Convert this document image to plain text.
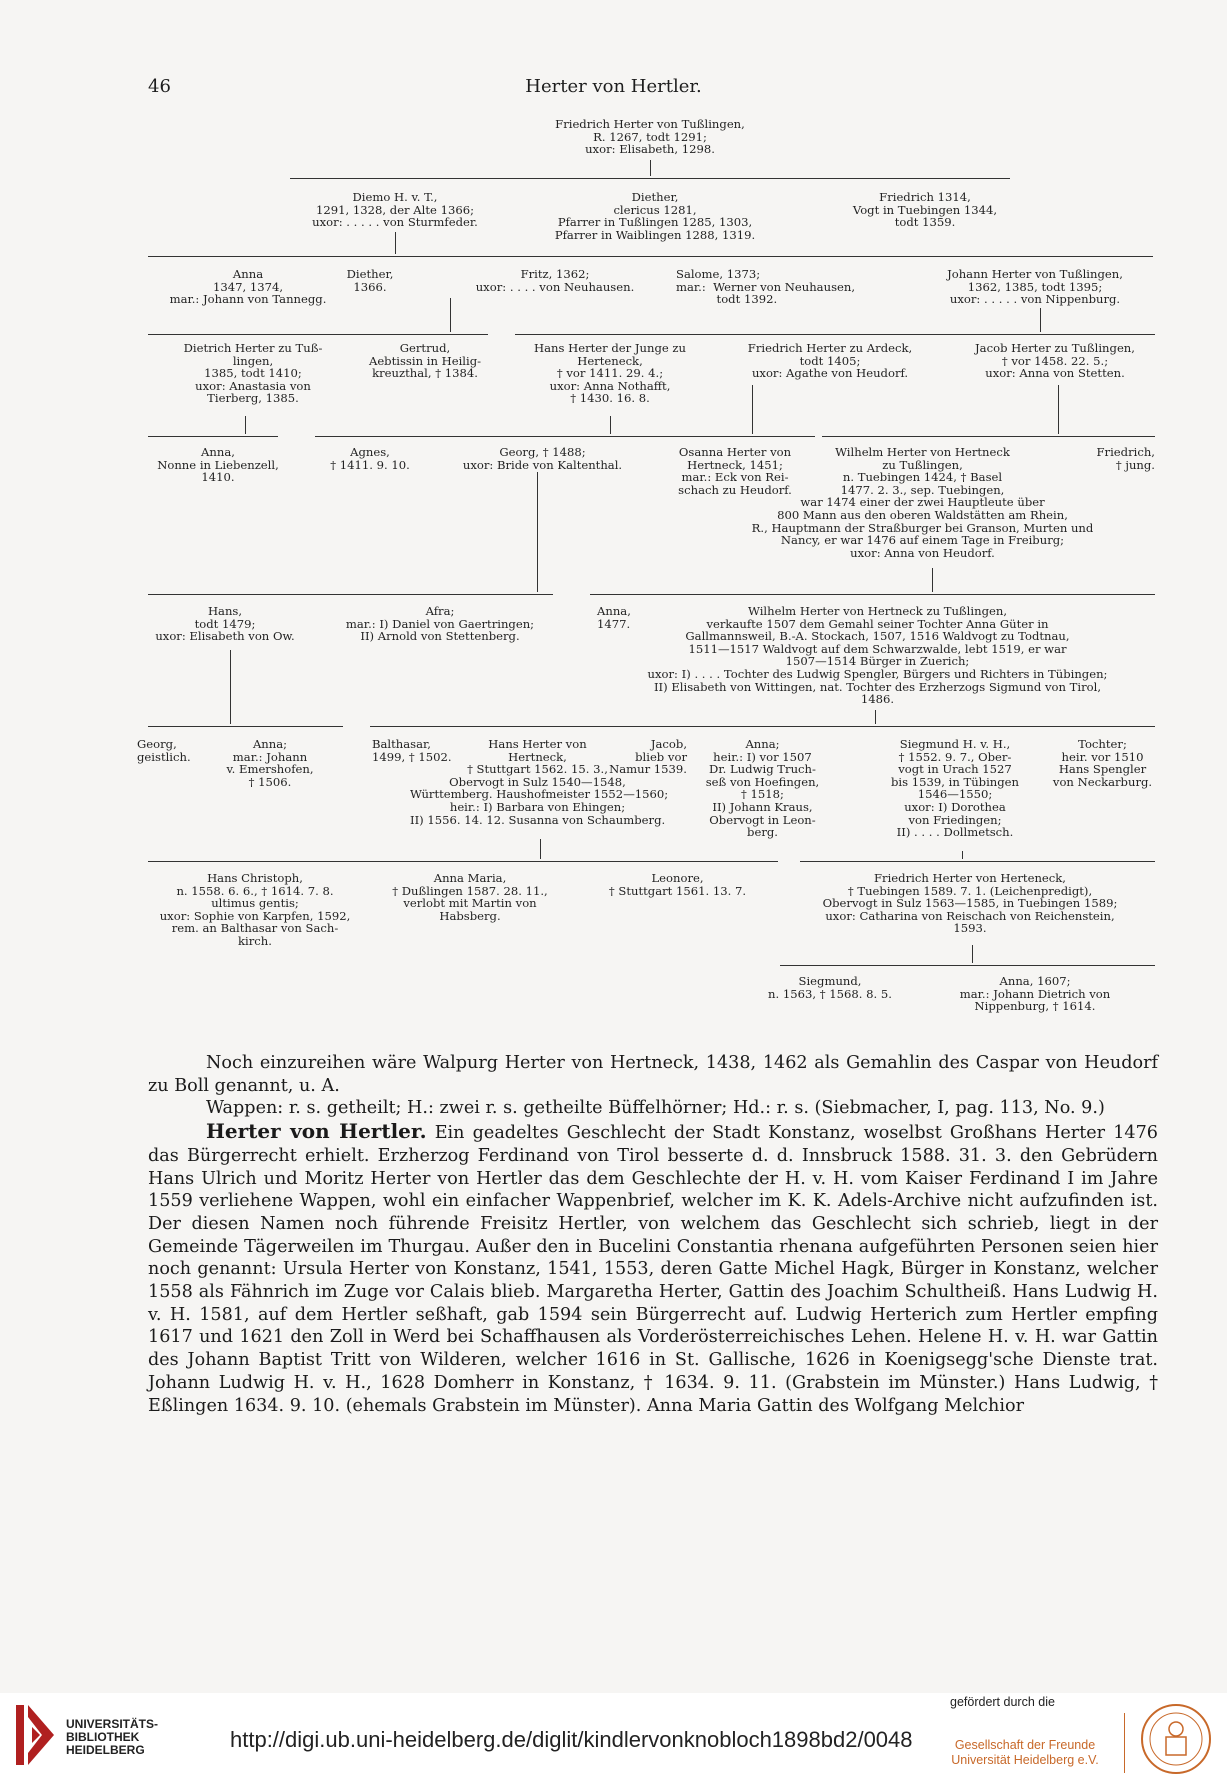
46	Herter von Hertler.
Friedrich Herter von Tußlingen,
R. 1267, todt 1291;
uxor: Elisabeth, 1298.
Diemo H. v. T.,
1291, 1328, der Alte 1366;
uxor: . . . . . von Sturmfeder.
Diether,
clericus 1281,
Pfarrer in Tußlingen 1285, 1303,
Pfarrer in Waiblingen 1288, 1319.
Friedrich 1314,
Vogt in Tuebingen 1344,
todt 1359.
Anna
1347, 1374,
mar.: Johann von Tannegg.
Diether,
1366.
Fritz, 1362;
uxor: . . . . von Neuhausen.
Salome, 1373;
mar.:  Werner von Neuhausen,
todt 1392.
Johann Herter von Tußlingen,
1362, 1385, todt 1395;
uxor: . . . . . von Nippenburg.
Dietrich Herter zu Tuß-
lingen,
1385, todt 1410;
uxor: Anastasia von
Tierberg, 1385.
Gertrud,
Aebtissin in Heilig-
kreuzthal, † 1384.
Hans Herter der Junge zu
Herteneck,
† vor 1411. 29. 4.;
uxor: Anna Nothafft,
† 1430. 16. 8.
Friedrich Herter zu Ardeck,
todt 1405;
uxor: Agathe von Heudorf.
Jacob Herter zu Tußlingen,
† vor 1458. 22. 5.;
uxor: Anna von Stetten.
Anna,
Nonne in Liebenzell,
1410.
Agnes,
† 1411. 9. 10.
Georg, † 1488;
uxor: Bride von Kaltenthal.
Osanna Herter von
Hertneck, 1451;
mar.: Eck von Rei-
schach zu Heudorf.
Wilhelm Herter von Hertneck
zu Tußlingen,
n. Tuebingen 1424, † Basel
1477. 2. 3., sep. Tuebingen,
war 1474 einer der zwei Hauptleute über
800 Mann aus den oberen Waldstätten am Rhein,
R., Hauptmann der Straßburger bei Granson, Murten und
Nancy, er war 1476 auf einem Tage in Freiburg;
uxor: Anna von Heudorf.
Friedrich,
† jung.
Hans,
todt 1479;
uxor: Elisabeth von Ow.
Afra;
mar.: I) Daniel von Gaertringen;
II) Arnold von Stettenberg.
Anna,
1477.
Wilhelm Herter von Hertneck zu Tußlingen,
verkaufte 1507 dem Gemahl seiner Tochter Anna Güter in
Gallmannsweil, B.-A. Stockach, 1507, 1516 Waldvogt zu Todtnau,
1511—1517 Waldvogt auf dem Schwarzwalde, lebt 1519, er war
1507—1514 Bürger in Zuerich;
uxor: I) . . . . Tochter des Ludwig Spengler, Bürgers und Richters in Tübingen;
II) Elisabeth von Wittingen, nat. Tochter des Erzherzogs Sigmund von Tirol,
1486.
Georg,
geistlich.
Anna;
mar.: Johann
v. Emershofen,
† 1506.
Balthasar,
1499, † 1502.
Hans Herter von
Hertneck,
† Stuttgart 1562. 15. 3.,
Obervogt in Sulz 1540—1548,
Württemberg. Haushofmeister 1552—1560;
heir.: I) Barbara von Ehingen;
II) 1556. 14. 12. Susanna von Schaumberg.
Jacob,
blieb vor
Namur 1539.
Anna;
heir.: I) vor 1507
Dr. Ludwig Truch-
seß von Hoefingen,
† 1518;
II) Johann Kraus,
Obervogt in Leon-
berg.
Siegmund H. v. H.,
† 1552. 9. 7., Ober-
vogt in Urach 1527
bis 1539, in Tübingen
1546—1550;
uxor: I) Dorothea
von Friedingen;
II) . . . . Dollmetsch.
Tochter;
heir. vor 1510
Hans Spengler
von Neckarburg.
Hans Christoph,
n. 1558. 6. 6., † 1614. 7. 8.
ultimus gentis;
uxor: Sophie von Karpfen, 1592,
rem. an Balthasar von Sach-
kirch.
Anna Maria,
† Dußlingen 1587. 28. 11.,
verlobt mit Martin von
Habsberg.
Leonore,
† Stuttgart 1561. 13. 7.
Friedrich Herter von Herteneck,
† Tuebingen 1589. 7. 1. (Leichenpredigt),
Obervogt in Sulz 1563—1585, in Tuebingen 1589;
uxor: Catharina von Reischach von Reichenstein,
1593.
Siegmund,
n. 1563, † 1568. 8. 5.
Anna, 1607;
mar.: Johann Dietrich von
Nippenburg, † 1614.

Noch einzureihen wäre Walpurg Herter von Hertneck, 1438, 1462 als Gemahlin des Caspar von Heudorf zu Boll genannt, u. A.

Wappen: r. s. getheilt; H.: zwei r. s. getheilte Büffelhörner; Hd.: r. s. (Siebmacher, I, pag. 113, No. 9.)

Herter von Hertler. Ein geadeltes Geschlecht der Stadt Konstanz, woselbst Großhans Herter 1476 das Bürgerrecht erhielt. Erzherzog Ferdinand von Tirol besserte d. d. Innsbruck 1588. 31. 3. den Gebrüdern Hans Ulrich und Moritz Herter von Hertler das dem Geschlechte der H. v. H. vom Kaiser Ferdinand I im Jahre 1559 verliehene Wappen, wohl ein einfacher Wappenbrief, welcher im K. K. Adels-Archive nicht aufzufinden ist. Der diesen Namen noch führende Freisitz Hertler, von welchem das Geschlecht sich schrieb, liegt in der Gemeinde Tägerweilen im Thurgau. Außer den in Bucelini Constantia rhenana aufgeführten Personen seien hier noch genannt: Ursula Herter von Konstanz, 1541, 1553, deren Gatte Michel Hagk, Bürger in Konstanz, welcher 1558 als Fähnrich im Zuge vor Calais blieb. Margaretha Herter, Gattin des Joachim Schultheiß. Hans Ludwig H. v. H. 1581, auf dem Hertler seßhaft, gab 1594 sein Bürgerrecht auf. Ludwig Herterich zum Hertler empfing 1617 und 1621 den Zoll in Werd bei Schaffhausen als Vorderösterreichisches Lehen. Helene H. v. H. war Gattin des Johann Baptist Tritt von Wilderen, welcher 1616 in St. Gallische, 1626 in Koenigsegg'sche Dienste trat. Johann Ludwig H. v. H., 1628 Domherr in Konstanz, † 1634. 9. 11. (Grabstein im Münster.) Hans Ludwig, † Eßlingen 1634. 9. 10. (ehemals Grabstein im Münster). Anna Maria Gattin des Wolfgang Melchior

UNIVERSITÄTS-
BIBLIOTHEK
HEIDELBERG
gefördert durch die
Gesellschaft der Freunde
Universität Heidelberg e.V.
http://digi.ub.uni-heidelberg.de/diglit/kindlervonknobloch1898bd2/0048
